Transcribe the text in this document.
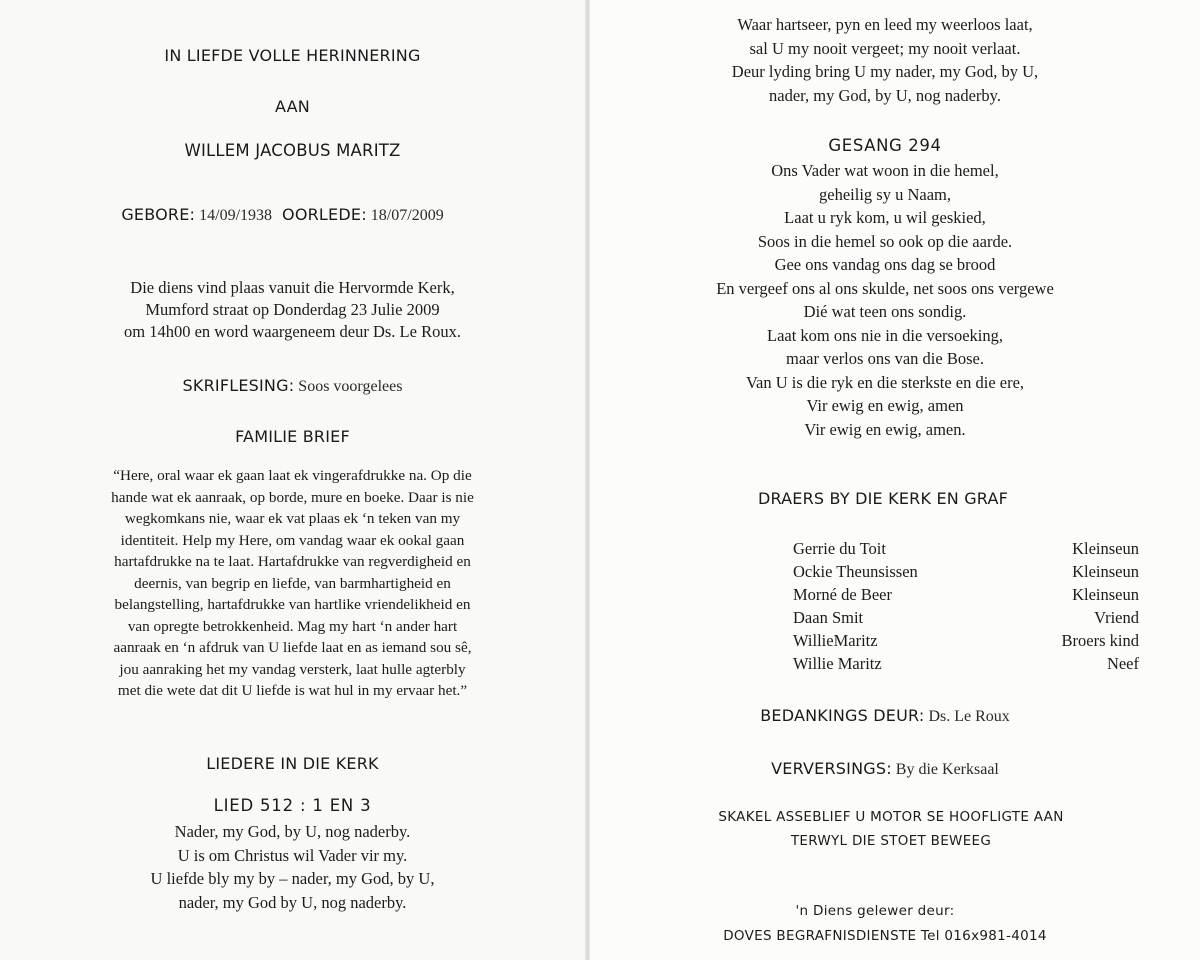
IN LIEFDE VOLLE HERINNERING
AAN
WILLEM JACOBUS MARITZ
GEBORE: 14/09/1938 OORLEDE: 18/07/2009
Die diens vind plaas vanuit die Hervormde Kerk,
Mumford straat op Donderdag 23 Julie 2009
om 14h00 en word waargeneem deur Ds. Le Roux.
SKRIFLESING: Soos voorgelees
FAMILIE BRIEF
“Here, oral waar ek gaan laat ek vingerafdrukke na. Op die
hande wat ek aanraak, op borde, mure en boeke. Daar is nie
wegkomkans nie, waar ek vat plaas ek ‘n teken van my
identiteit. Help my Here, om vandag waar ek ookal gaan
hartafdrukke na te laat. Hartafdrukke van regverdigheid en
deernis, van begrip en liefde, van barmhartigheid en
belangstelling, hartafdrukke van hartlike vriendelikheid en
van opregte betrokkenheid. Mag my hart ‘n ander hart
aanraak en ‘n afdruk van U liefde laat en as iemand sou sê,
jou aanraking het my vandag versterk, laat hulle agterbly
met die wete dat dit U liefde is wat hul in my ervaar het.”
LIEDERE IN DIE KERK
LIED 512 : 1 EN 3
Nader, my God, by U, nog naderby.
U is om Christus wil Vader vir my.
U liefde bly my by – nader, my God, by U,
nader, my God by U, nog naderby.
Waar hartseer, pyn en leed my weerloos laat,
sal U my nooit vergeet; my nooit verlaat.
Deur lyding bring U my nader, my God, by U,
nader, my God, by U, nog naderby.
GESANG 294
Ons Vader wat woon in die hemel,
geheilig sy u Naam,
Laat u ryk kom, u wil geskied,
Soos in die hemel so ook op die aarde.
Gee ons vandag ons dag se brood
En vergeef ons al ons skulde, net soos ons vergewe
Dié wat teen ons sondig.
Laat kom ons nie in die versoeking,
maar verlos ons van die Bose.
Van U is die ryk en die sterkste en die ere,
Vir ewig en ewig, amen
Vir ewig en ewig, amen.
DRAERS BY DIE KERK EN GRAF
Gerrie du Toit	Kleinseun
Ockie Theunsissen	Kleinseun
Morné de Beer	Kleinseun
Daan Smit	Vriend
WillieMaritz	Broers kind
Willie Maritz	Neef
BEDANKINGS DEUR: Ds. Le Roux
VERVERSINGS: By die Kerksaal
SKAKEL ASSEBLIEF U MOTOR SE HOOFLIGTE AAN
TERWYL DIE STOET BEWEEG
'n Diens gelewer deur:
DOVES BEGRAFNISDIENSTE Tel 016x981-4014
